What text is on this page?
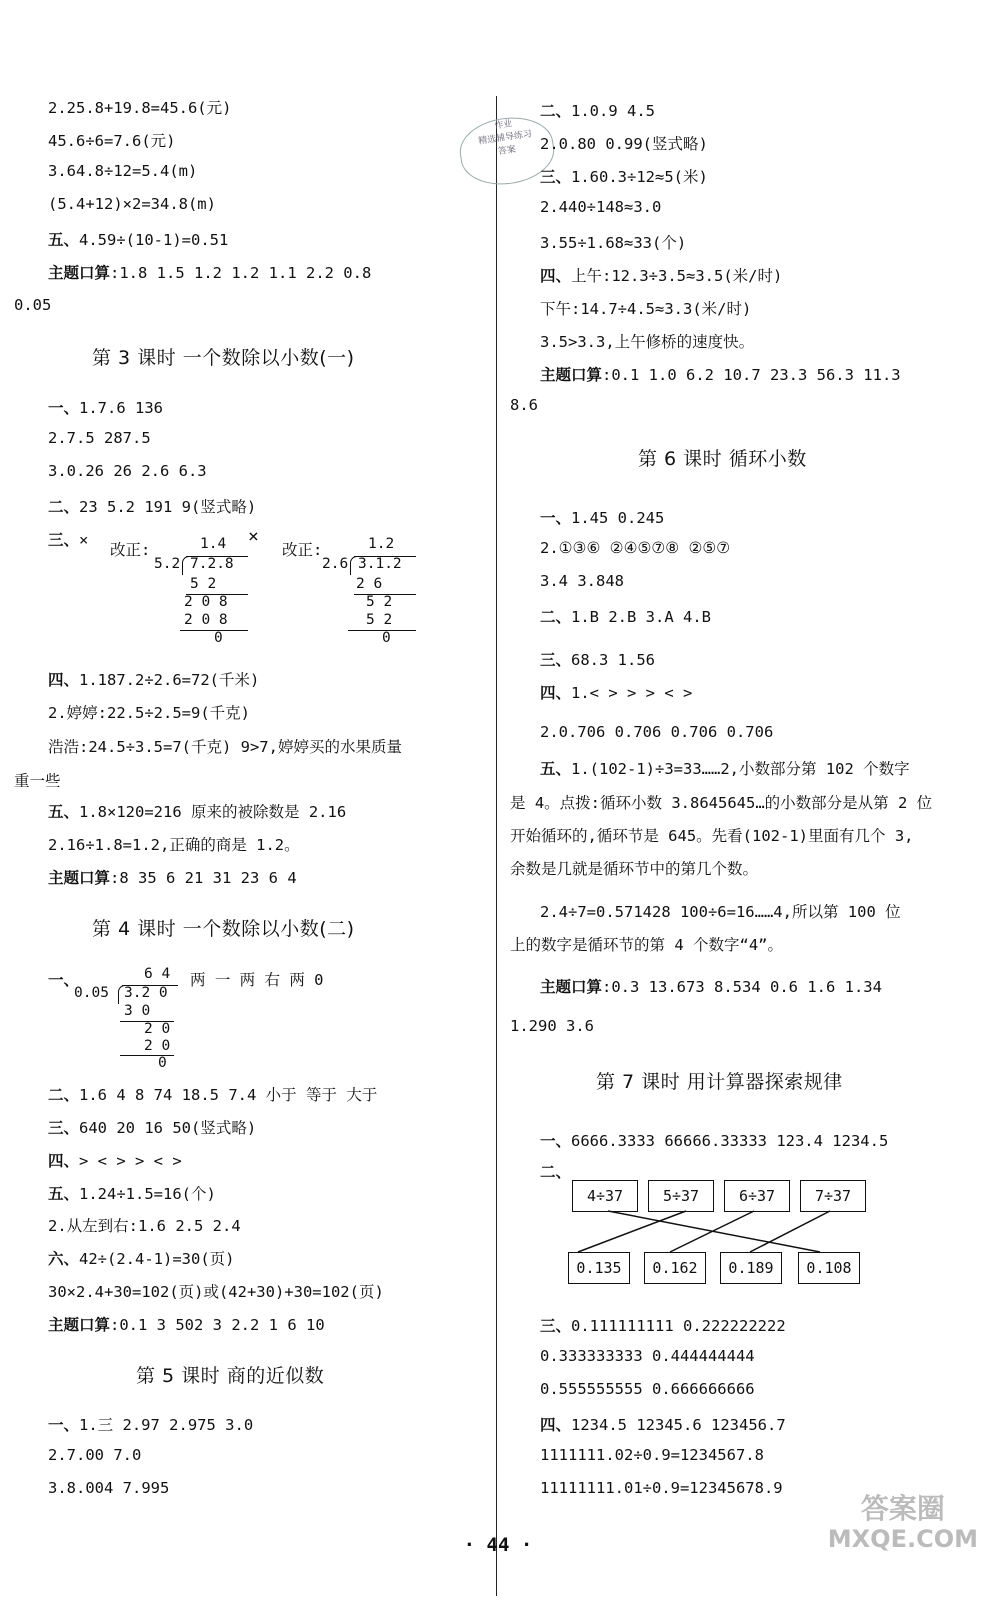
2.25.8+19.8=45.6(元)
45.6÷6=7.6(元)
3.64.8÷12=5.4(m)
(5.4+12)×2=34.8(m)
五、4.59÷(10-1)=0.51
主题口算:1.8 1.5 1.2 1.2 1.1 2.2 0.8
0.05
第 3 课时 一个数除以小数(一)
一、1.7.6 136
2.7.5 287.5
3.0.26 26 2.6 6.3
二、23 5.2 191 9(竖式略)
三、×
改正:
×
改正:
1.4
5.2 7.2.8
5 2
2 0 8
2 0 8
0
1.2
2.6 3.1.2
2 6
5 2
5 2
0
四、1.187.2÷2.6=72(千米)
2.婷婷:22.5÷2.5=9(千克)
浩浩:24.5÷3.5=7(千克) 9>7,婷婷买的水果质量
重一些
五、1.8×120=216 原来的被除数是 2.16
2.16÷1.8=1.2,正确的商是 1.2。
主题口算:8 35 6 21 31 23 6 4
第 4 课时 一个数除以小数(二)
一、	6 4
0.05 3.2 0
3 0
2 0
2 0
0
两 一 两 右 两 0
二、1.6 4 8 74 18.5 7.4 小于 等于 大于
三、640 20 16 50(竖式略)
四、> < > > < >
五、1.24÷1.5=16(个)
2.从左到右:1.6 2.5 2.4
六、42÷(2.4-1)=30(页)
30×2.4+30=102(页)或(42+30)+30=102(页)
主题口算:0.1 3 502 3 2.2 1 6 10
第 5 课时 商的近似数
一、1.三 2.97 2.975 3.0
2.7.00 7.0
3.8.004 7.995
作业
精选辅导练习
答案
二、1.0.9 4.5
2.0.80 0.99(竖式略)
三、1.60.3÷12≈5(米)
2.440÷148≈3.0
3.55÷1.68≈33(个)
四、上午:12.3÷3.5≈3.5(米/时)
下午:14.7÷4.5≈3.3(米/时)
3.5>3.3,上午修桥的速度快。
主题口算:0.1 1.0 6.2 10.7 23.3 56.3 11.3
8.6
第 6 课时 循环小数
一、1.45 0.245
2.①③⑥ ②④⑤⑦⑧ ②⑤⑦
3.4 3.848
二、1.B 2.B 3.A 4.B
三、68.3 1.56
四、1.< > > > < >
2.0.706 0.706 0.706 0.706
五、1.(102-1)÷3=33……2,小数部分第 102 个数字
是 4。点拨:循环小数 3.8645645…的小数部分是从第 2 位
开始循环的,循环节是 645。先看(102-1)里面有几个 3,
余数是几就是循环节中的第几个数。
2.4÷7=0.571428 100÷6=16……4,所以第 100 位
上的数字是循环节的第 4 个数字“4”。
主题口算:0.3 13.673 8.534 0.6 1.6 1.34
1.290 3.6
第 7 课时 用计算器探索规律
一、6666.3333 66666.33333 123.4 1234.5
二、
4÷37	5÷37	6÷37	7÷37
0.135	0.162	0.189	0.108
三、0.111111111 0.222222222
0.333333333 0.444444444
0.555555555 0.666666666
四、1234.5 12345.6 123456.7
1111111.02÷0.9=1234567.8
11111111.01÷0.9=12345678.9
· 44 ·
答案圈
MXQE.COM
